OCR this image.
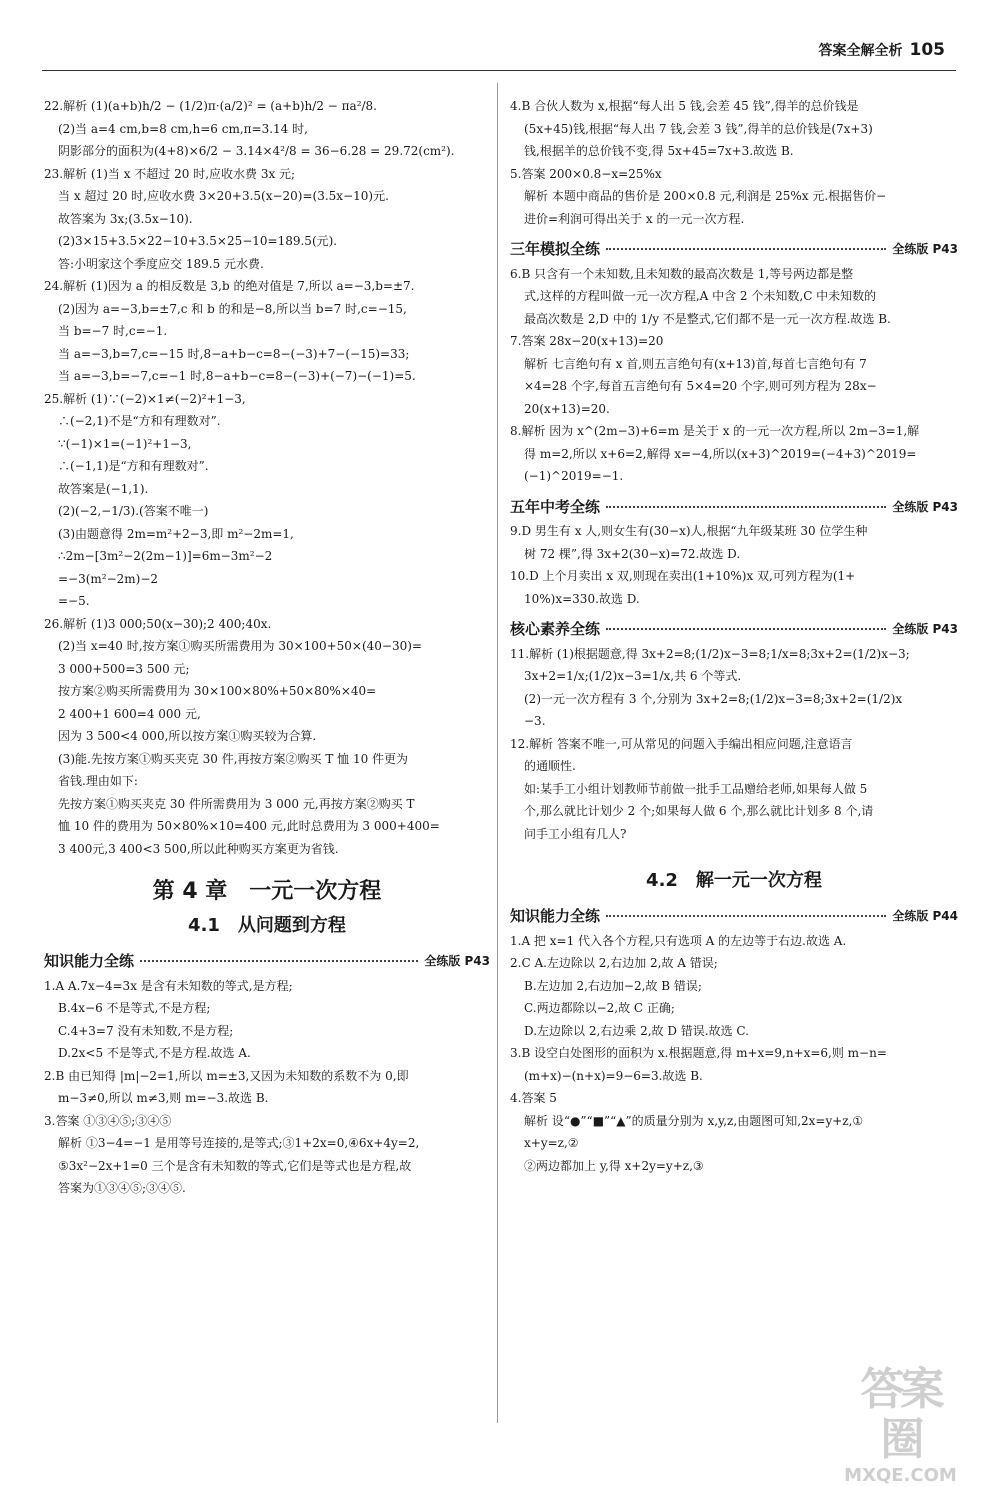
答案全解全析 105
22.解析 (1)(a+b)h/2 − (1/2)π·(a/2)² = (a+b)h/2 − πa²/8.
(2)当 a=4 cm,b=8 cm,h=6 cm,π=3.14 时,
阴影部分的面积为(4+8)×6/2 − 3.14×4²/8 = 36−6.28 = 29.72(cm²).
23.解析 (1)当 x 不超过 20 时,应收水费 3x 元;
当 x 超过 20 时,应收水费 3×20+3.5(x−20)=(3.5x−10)元.
故答案为 3x;(3.5x−10).
(2)3×15+3.5×22−10+3.5×25−10=189.5(元).
答:小明家这个季度应交 189.5 元水费.
24.解析 (1)因为 a 的相反数是 3,b 的绝对值是 7,所以 a=−3,b=±7.
(2)因为 a=−3,b=±7,c 和 b 的和是−8,所以当 b=7 时,c=−15,
当 b=−7 时,c=−1.
当 a=−3,b=7,c=−15 时,8−a+b−c=8−(−3)+7−(−15)=33;
当 a=−3,b=−7,c=−1 时,8−a+b−c=8−(−3)+(−7)−(−1)=5.
25.解析 (1)∵(−2)×1≠(−2)²+1−3,
∴(−2,1)不是“方和有理数对”.
∵(−1)×1=(−1)²+1−3,
∴(−1,1)是“方和有理数对”.
故答案是(−1,1).
(2)(−2,−1/3).(答案不唯一)
(3)由题意得 2m=m²+2−3,即 m²−2m=1,
∴2m−[3m²−2(2m−1)]=6m−3m²−2
=−3(m²−2m)−2
=−5.
26.解析 (1)3 000;50(x−30);2 400;40x.
(2)当 x=40 时,按方案①购买所需费用为 30×100+50×(40−30)=
3 000+500=3 500 元;
按方案②购买所需费用为 30×100×80%+50×80%×40=
2 400+1 600=4 000 元,
因为 3 500<4 000,所以按方案①购买较为合算.
(3)能.先按方案①购买夹克 30 件,再按方案②购买 T 恤 10 件更为
省钱.理由如下:
先按方案①购买夹克 30 件所需费用为 3 000 元,再按方案②购买 T
恤 10 件的费用为 50×80%×10=400 元,此时总费用为 3 000+400=
3 400元,3 400<3 500,所以此种购买方案更为省钱.
第 4 章　一元一次方程
4.1　从问题到方程
知识能力全练	全练版 P43
1.A A.7x−4=3x 是含有未知数的等式,是方程;
B.4x−6 不是等式,不是方程;
C.4+3=7 没有未知数,不是方程;
D.2x<5 不是等式,不是方程.故选 A.
2.B 由已知得 |m|−2=1,所以 m=±3,又因为未知数的系数不为 0,即
m−3≠0,所以 m≠3,则 m=−3.故选 B.
3.答案 ①③④⑤;③④⑤
解析 ①3−4=−1 是用等号连接的,是等式;③1+2x=0,④6x+4y=2,
⑤3x²−2x+1=0 三个是含有未知数的等式,它们是等式也是方程,故
答案为①③④⑤;③④⑤.
4.B 合伙人数为 x,根据“每人出 5 钱,会差 45 钱”,得羊的总价钱是
(5x+45)钱,根据“每人出 7 钱,会差 3 钱”,得羊的总价钱是(7x+3)
钱,根据羊的总价钱不变,得 5x+45=7x+3.故选 B.
5.答案 200×0.8−x=25%x
解析 本题中商品的售价是 200×0.8 元,利润是 25%x 元.根据售价−
进价=利润可得出关于 x 的一元一次方程.
三年模拟全练	全练版 P43
6.B 只含有一个未知数,且未知数的最高次数是 1,等号两边都是整
式,这样的方程叫做一元一次方程,A 中含 2 个未知数,C 中未知数的
最高次数是 2,D 中的 1/y 不是整式,它们都不是一元一次方程.故选 B.
7.答案 28x−20(x+13)=20
解析 七言绝句有 x 首,则五言绝句有(x+13)首,每首七言绝句有 7
×4=28 个字,每首五言绝句有 5×4=20 个字,则可列方程为 28x−
20(x+13)=20.
8.解析 因为 x^(2m−3)+6=m 是关于 x 的一元一次方程,所以 2m−3=1,解
得 m=2,所以 x+6=2,解得 x=−4,所以(x+3)^2019=(−4+3)^2019=
(−1)^2019=−1.
五年中考全练	全练版 P43
9.D 男生有 x 人,则女生有(30−x)人,根据“九年级某班 30 位学生种
树 72 棵”,得 3x+2(30−x)=72.故选 D.
10.D 上个月卖出 x 双,则现在卖出(1+10%)x 双,可列方程为(1+
10%)x=330.故选 D.
核心素养全练	全练版 P43
11.解析 (1)根据题意,得 3x+2=8;(1/2)x−3=8;1/x=8;3x+2=(1/2)x−3;
3x+2=1/x;(1/2)x−3=1/x,共 6 个等式.
(2)一元一次方程有 3 个,分别为 3x+2=8;(1/2)x−3=8;3x+2=(1/2)x
−3.
12.解析 答案不唯一,可从常见的问题入手编出相应问题,注意语言
的通顺性.
如:某手工小组计划教师节前做一批手工品赠给老师,如果每人做 5
个,那么就比计划少 2 个;如果每人做 6 个,那么就比计划多 8 个,请
问手工小组有几人?
4.2　解一元一次方程
知识能力全练	全练版 P44
1.A 把 x=1 代入各个方程,只有选项 A 的左边等于右边.故选 A.
2.C A.左边除以 2,右边加 2,故 A 错误;
B.左边加 2,右边加−2,故 B 错误;
C.两边都除以−2,故 C 正确;
D.左边除以 2,右边乘 2,故 D 错误.故选 C.
3.B 设空白处图形的面积为 x.根据题意,得 m+x=9,n+x=6,则 m−n=
(m+x)−(n+x)=9−6=3.故选 B.
4.答案 5
解析 设“●”“■”“▲”的质量分别为 x,y,z,由题图可知,2x=y+z,①
x+y=z,②
②两边都加上 y,得 x+2y=y+z,③
答案圈
MXQE.COM
